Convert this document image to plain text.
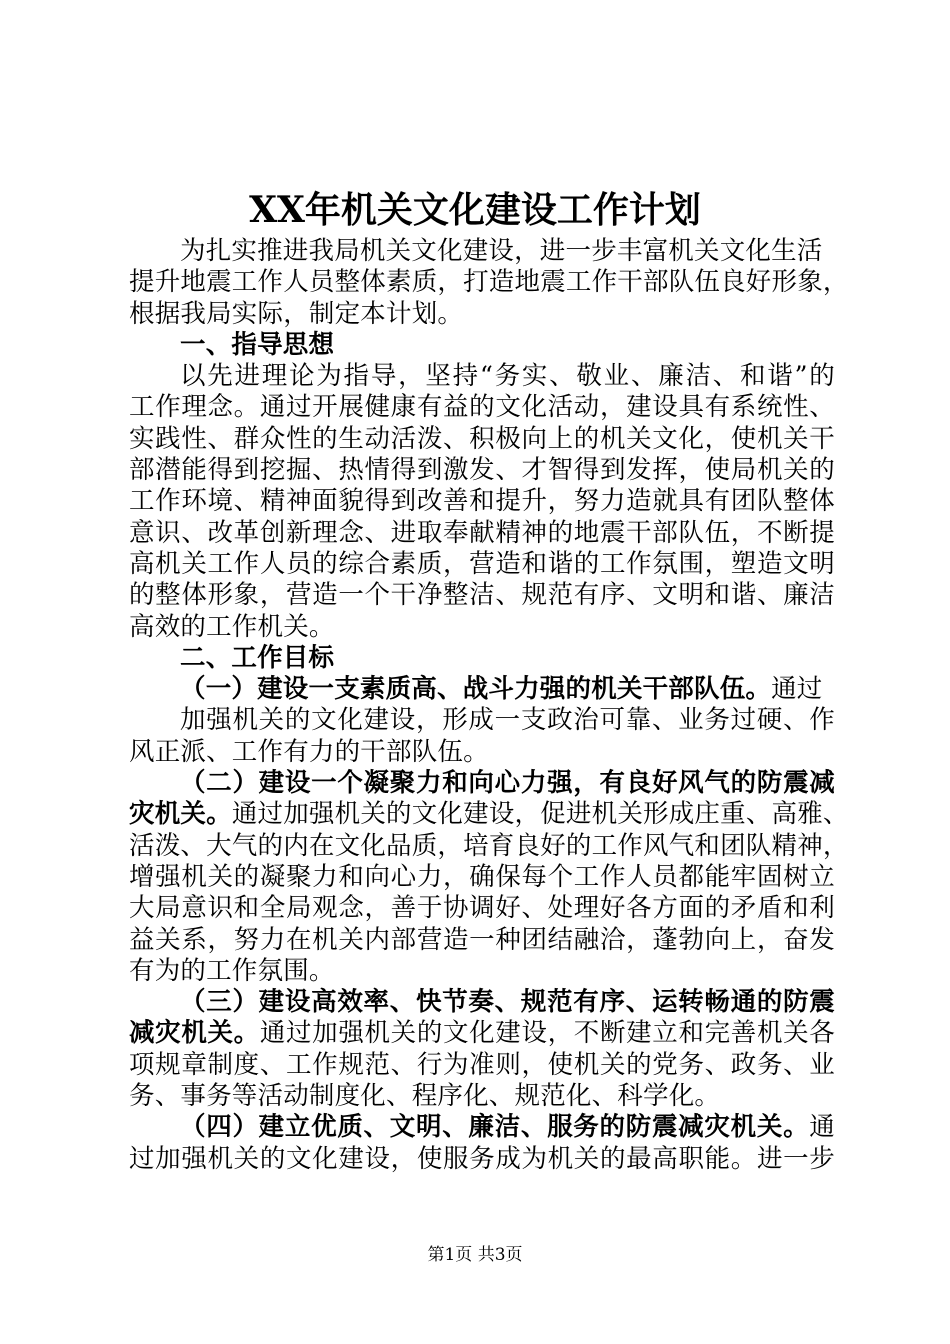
XX年机关文化建设工作计划
为扎实推进我局机关文化建设，进一步丰富机关文化生活
提升地震工作人员整体素质，打造地震工作干部队伍良好形象，
根据我局实际，制定本计划。
一、指导思想
以先进理论为指导，坚持“务实、敬业、廉洁、和谐”的
工作理念。通过开展健康有益的文化活动，建设具有系统性、
实践性、群众性的生动活泼、积极向上的机关文化，使机关干
部潜能得到挖掘、热情得到激发、才智得到发挥，使局机关的
工作环境、精神面貌得到改善和提升，努力造就具有团队整体
意识、改革创新理念、进取奉献精神的地震干部队伍，不断提
高机关工作人员的综合素质，营造和谐的工作氛围，塑造文明
的整体形象，营造一个干净整洁、规范有序、文明和谐、廉洁
高效的工作机关。
二、工作目标
（一）建设一支素质高、战斗力强的机关干部队伍。通过
加强机关的文化建设，形成一支政治可靠、业务过硬、作
风正派、工作有力的干部队伍。
（二）建设一个凝聚力和向心力强，有良好风气的防震减
灾机关。通过加强机关的文化建设，促进机关形成庄重、高雅、
活泼、大气的内在文化品质，培育良好的工作风气和团队精神，
增强机关的凝聚力和向心力，确保每个工作人员都能牢固树立
大局意识和全局观念，善于协调好、处理好各方面的矛盾和利
益关系，努力在机关内部营造一种团结融洽，蓬勃向上，奋发
有为的工作氛围。
（三）建设高效率、快节奏、规范有序、运转畅通的防震
减灾机关。通过加强机关的文化建设，不断建立和完善机关各
项规章制度、工作规范、行为准则，使机关的党务、政务、业
务、事务等活动制度化、程序化、规范化、科学化。
（四）建立优质、文明、廉洁、服务的防震减灾机关。通
过加强机关的文化建设，使服务成为机关的最高职能。进一步
第1页 共3页
